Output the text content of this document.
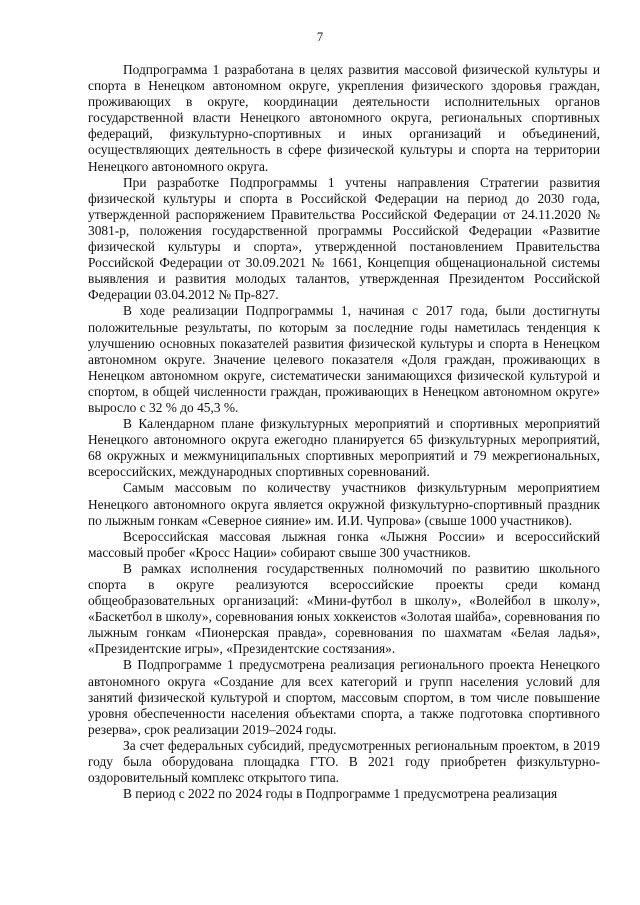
7

Подпрограмма 1 разработана в целях развития массовой физической культуры и спорта в Ненецком автономном округе, укрепления физического здоровья граждан, проживающих в округе, координации деятельности исполнительных органов государственной власти Ненецкого автономного округа, региональных спортивных федераций, физкультурно-спортивных и иных организаций и объединений, осуществляющих деятельность в сфере физической культуры и спорта на территории Ненецкого автономного округа.

При разработке Подпрограммы 1 учтены направления Стратегии развития физической культуры и спорта в Российской Федерации на период до 2030 года, утвержденной распоряжением Правительства Российской Федерации от 24.11.2020 № 3081-р, положения государственной программы Российской Федерации «Развитие физической культуры и спорта», утвержденной постановлением Правительства Российской Федерации от 30.09.2021 № 1661, Концепция общенациональной системы выявления и развития молодых талантов, утвержденная Президентом Российской Федерации 03.04.2012 № Пр-827.

В ходе реализации Подпрограммы 1, начиная с 2017 года, были достигнуты положительные результаты, по которым за последние годы наметилась тенденция к улучшению основных показателей развития физической культуры и спорта в Ненецком автономном округе. Значение целевого показателя «Доля граждан, проживающих в Ненецком автономном округе, систематически занимающихся физической культурой и спортом, в общей численности граждан, проживающих в Ненецком автономном округе» выросло с 32 % до 45,3 %.

В Календарном плане физкультурных мероприятий и спортивных мероприятий Ненецкого автономного округа ежегодно планируется 65 физкультурных мероприятий, 68 окружных и межмуниципальных спортивных мероприятий и 79 межрегиональных, всероссийских, международных спортивных соревнований.

Самым массовым по количеству участников физкультурным мероприятием Ненецкого автономного округа является окружной физкультурно-спортивный праздник по лыжным гонкам «Северное сияние» им. И.И. Чупрова» (свыше 1000 участников).

Всероссийская массовая лыжная гонка «Лыжня России» и всероссийский массовый пробег «Кросс Нации» собирают свыше 300 участников.

В рамках исполнения государственных полномочий по развитию школьного спорта в округе реализуются всероссийские проекты среди команд общеобразовательных организаций: «Мини-футбол в школу», «Волейбол в школу», «Баскетбол в школу», соревнования юных хоккеистов «Золотая шайба», соревнования по лыжным гонкам «Пионерская правда», соревнования по шахматам «Белая ладья», «Президентские игры», «Президентские состязания».

В Подпрограмме 1 предусмотрена реализация регионального проекта Ненецкого автономного округа «Создание для всех категорий и групп населения условий для занятий физической культурой и спортом, массовым спортом, в том числе повышение уровня обеспеченности населения объектами спорта, а также подготовка спортивного резерва», срок реализации 2019–2024 годы.

За счет федеральных субсидий, предусмотренных региональным проектом, в 2019 году была оборудована площадка ГТО. В 2021 году приобретен физкультурно-оздоровительный комплекс открытого типа.

В период с 2022 по 2024 годы в Подпрограмме 1 предусмотрена реализация
